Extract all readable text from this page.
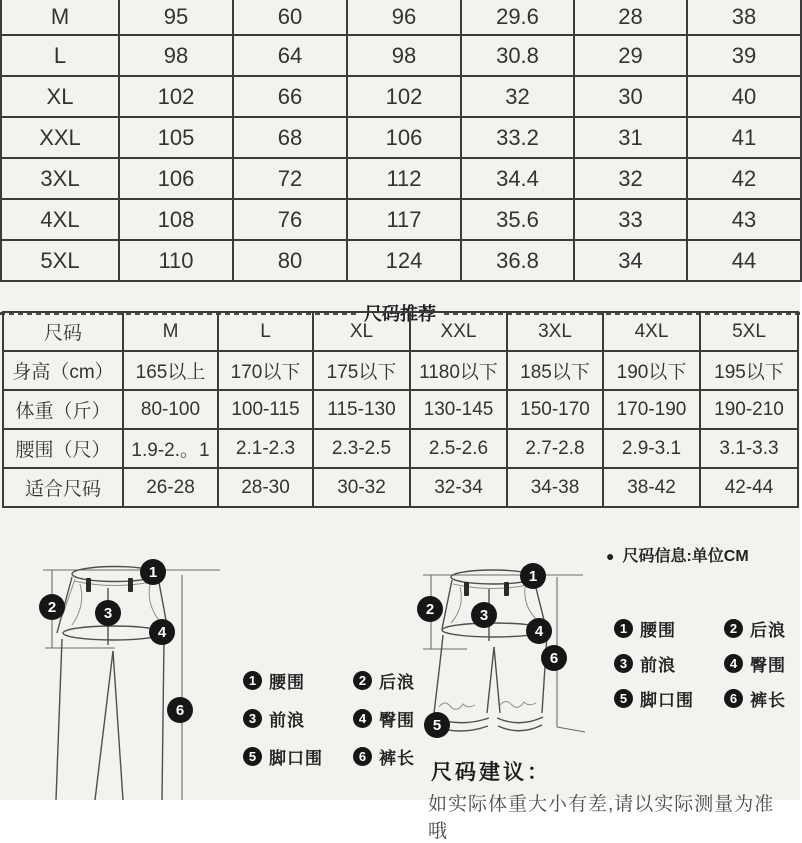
M	95	60	96	29.6	28	38
L	98	64	98	30.8	29	39
XL	102	66	102	32	30	40
XXL	105	68	106	33.2	31	41
3XL	106	72	112	34.4	32	42
4XL	108	76	117	35.6	33	43
5XL	110	80	124	36.8	34	44
尺码推荐
尺码	M	L	XL	XXL	3XL	4XL	5XL
身高（cm）	165以上	170以下	175以下	1180以下	185以下	190以下	195以下
体重（斤）	80-100	100-115	115-130	130-145	150-170	170-190	190-210
腰围（尺）	1.9-2.。1	2.1-2.3	2.3-2.5	2.5-2.6	2.7-2.8	2.9-3.1	3.1-3.3
适合尺码	26-28	28-30	30-32	32-34	34-38	38-42	42-44
● 尺码信息:单位CM
1
2	3
4
6
1
2	3
4
6
5
1 腰围	2 后浪
3 前浪	4 臀围
5 脚口围	6 裤长
1 腰围	2 后浪
3 前浪	4 臀围
5 脚口围	6 裤长
尺码建议：
如实际体重大小有差,请以实际测量为准哦
